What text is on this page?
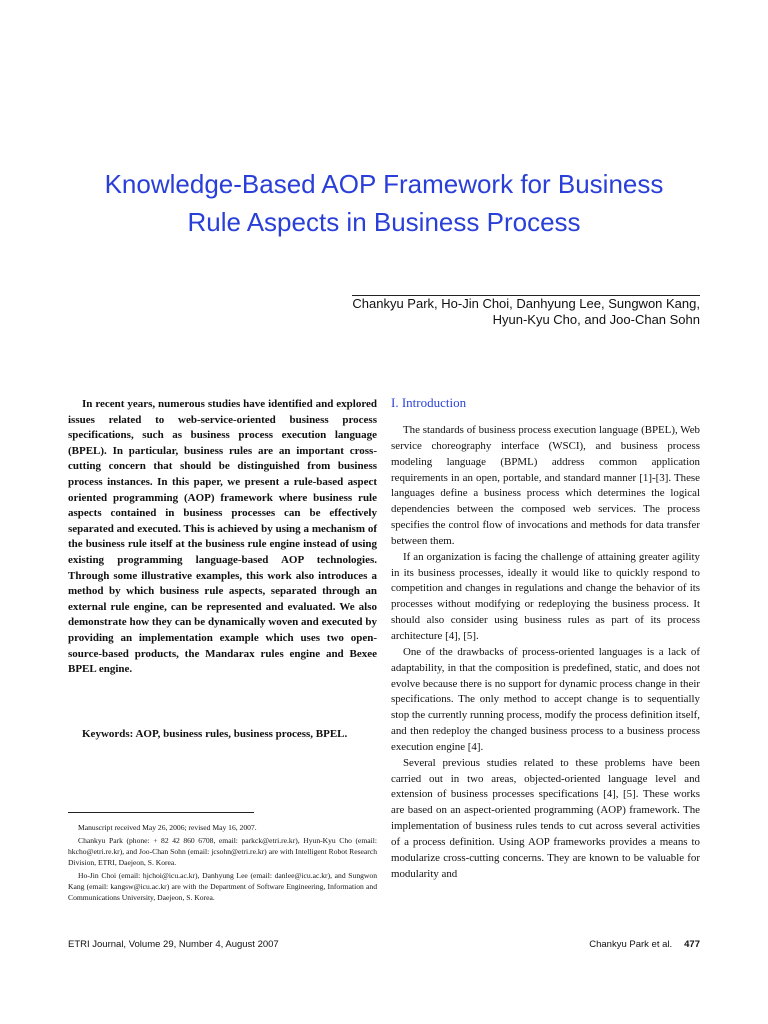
Knowledge-Based AOP Framework for Business
Rule Aspects in Business Process
Chankyu Park, Ho-Jin Choi, Danhyung Lee, Sungwon Kang,
Hyun-Kyu Cho, and Joo-Chan Sohn

In recent years, numerous studies have identified and explored issues related to web-service-oriented business process specifications, such as business process execution language (BPEL). In particular, business rules are an important cross-cutting concern that should be distinguished from business process instances. In this paper, we present a rule-based aspect oriented programming (AOP) framework where business rule aspects contained in business processes can be effectively separated and executed. This is achieved by using a mechanism of the business rule itself at the business rule engine instead of using existing programming language-based AOP technologies. Through some illustrative examples, this work also introduces a method by which business rule aspects, separated through an external rule engine, can be represented and evaluated. We also demonstrate how they can be dynamically woven and executed by providing an implementation example which uses two open-source-based products, the Mandarax rules engine and Bexee BPEL engine.

Keywords: AOP, business rules, business process, BPEL.

Manuscript received May 26, 2006; revised May 16, 2007.

Chankyu Park (phone: + 82 42 860 6708, email: parkck@etri.re.kr), Hyun-Kyu Cho (email: hkcho@etri.re.kr), and Joo-Chan Sohn (email: jcsohn@etri.re.kr) are with Intelligent Robot Research Division, ETRI, Daejeon, S. Korea.

Ho-Jin Choi (email: hjchoi@icu.ac.kr), Danhyung Lee (email: danlee@icu.ac.kr), and Sungwon Kang (email: kangsw@icu.ac.kr) are with the Department of Software Engineering, Information and Communications University, Daejeon, S. Korea.

I. Introduction

The standards of business process execution language (BPEL), Web service choreography interface (WSCI), and business process modeling language (BPML) address common application requirements in an open, portable, and standard manner [1]-[3]. These languages define a business process which determines the logical dependencies between the composed web services. The process specifies the control flow of invocations and methods for data transfer between them.

If an organization is facing the challenge of attaining greater agility in its business processes, ideally it would like to quickly respond to competition and changes in regulations and change the behavior of its processes without modifying or redeploying the business process. It should also consider using business rules as part of its process architecture [4], [5].

One of the drawbacks of process-oriented languages is a lack of adaptability, in that the composition is predefined, static, and does not evolve because there is no support for dynamic process change in their specifications. The only method to accept change is to sequentially stop the currently running process, modify the process definition itself, and then redeploy the changed business process to a business process execution engine [4].

Several previous studies related to these problems have been carried out in two areas, objected-oriented language level and extension of business processes specifications [4], [5]. These works are based on an aspect-oriented programming (AOP) framework. The implementation of business rules tends to cut across several activities of a process definition. Using AOP frameworks provides a means to modularize cross-cutting concerns. They are known to be valuable for modularity and

ETRI Journal, Volume 29, Number 4, August 2007	Chankyu Park et al. 477
